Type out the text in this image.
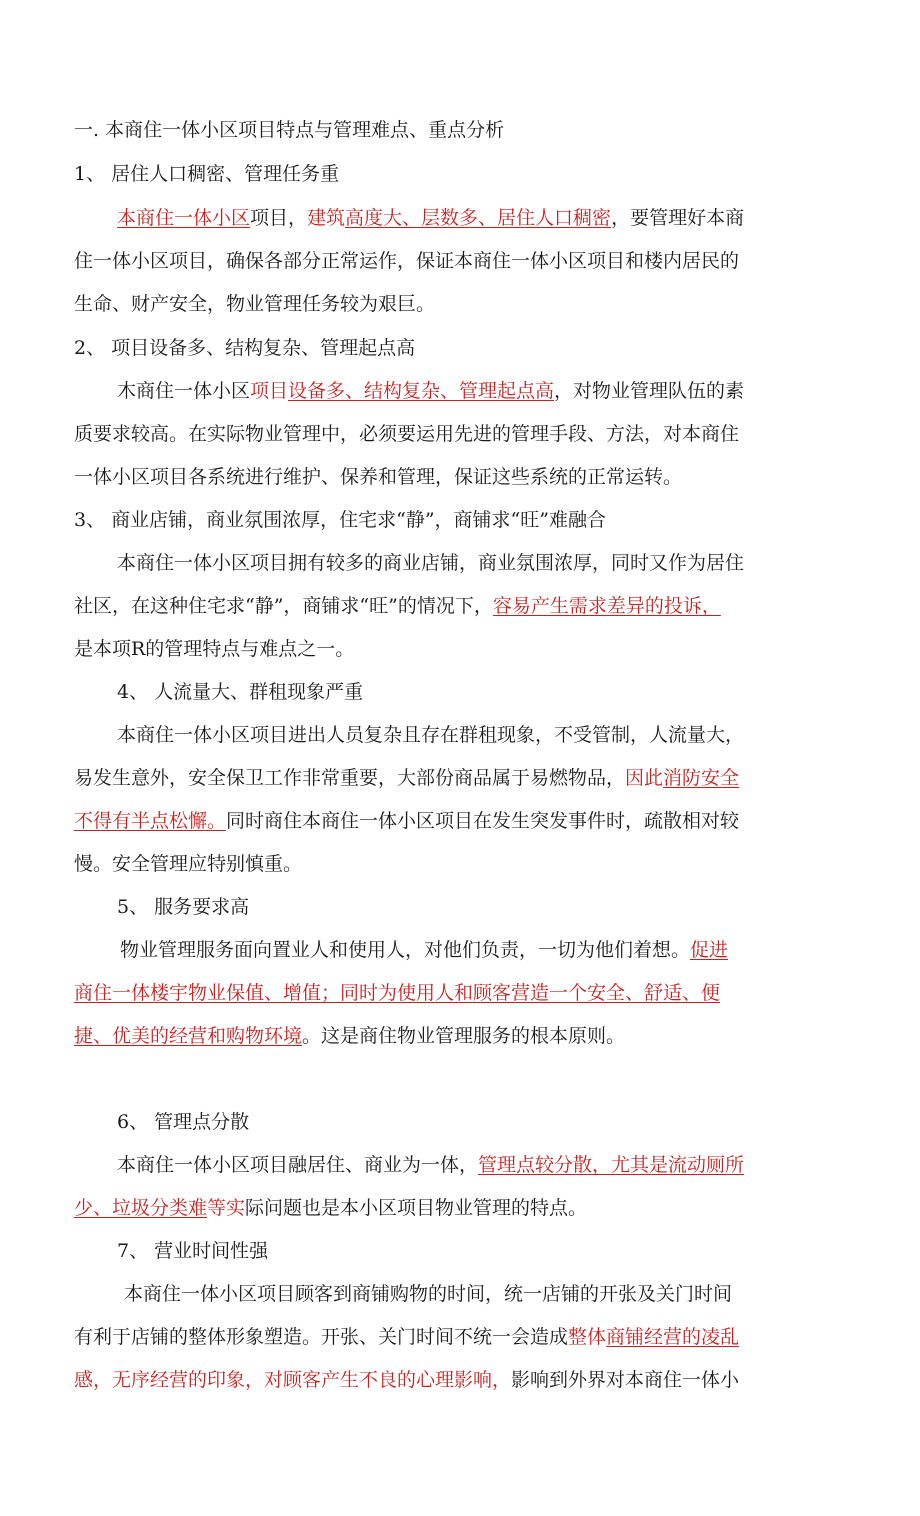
一. 本商住一体小区项目特点与管理难点、重点分析
1、 居住人口稠密、管理任务重
本商住一体小区项目，建筑高度大、层数多、居住人口稠密，要管理好本商
住一体小区项目，确保各部分正常运作，保证本商住一体小区项目和楼内居民的
生命、财产安全，物业管理任务较为艰巨。
2、 项目设备多、结构复杂、管理起点高
木商住一体小区项目设备多、结构复杂、管理起点高，对物业管理队伍的素
质要求较高。在实际物业管理中，必须要运用先进的管理手段、方法，对本商住
一体小区项目各系统进行维护、保养和管理，保证这些系统的正常运转。
3、 商业店铺，商业氛围浓厚，住宅求“静”，商铺求“旺”难融合
本商住一体小区项目拥有较多的商业店铺，商业氛围浓厚，同时又作为居住
社区，在这种住宅求“静”，商铺求“旺”的情况下，容易产生需求差异的投诉，
是本项R的管理特点与难点之一。
4、 人流量大、群租现象严重
本商住一体小区项目进出人员复杂且存在群租现象，不受管制，人流量大，
易发生意外，安全保卫工作非常重要，大部份商品属于易燃物品，因此消防安全
不得有半点松懈。同时商住本商住一体小区项目在发生突发事件时，疏散相对较
慢。安全管理应特别慎重。
5、 服务要求高
物业管理服务面向置业人和使用人，对他们负责，一切为他们着想。促进
商住一体楼宇物业保值、增值；同时为使用人和顾客营造一个安全、舒适、便
捷、优美的经营和购物环境。这是商住物业管理服务的根本原则。
6、 管理点分散
本商住一体小区项目融居住、商业为一体，管理点较分散，尤其是流动厕所
少、垃圾分类难等实际问题也是本小区项目物业管理的特点。
7、 营业时间性强
本商住一体小区项目顾客到商铺购物的时间，统一店铺的开张及关门时间
有利于店铺的整体形象塑造。开张、关门时间不统一会造成整体商铺经营的凌乱
感，无序经营的印象，对顾客产生不良的心理影响，影响到外界对本商住一体小
